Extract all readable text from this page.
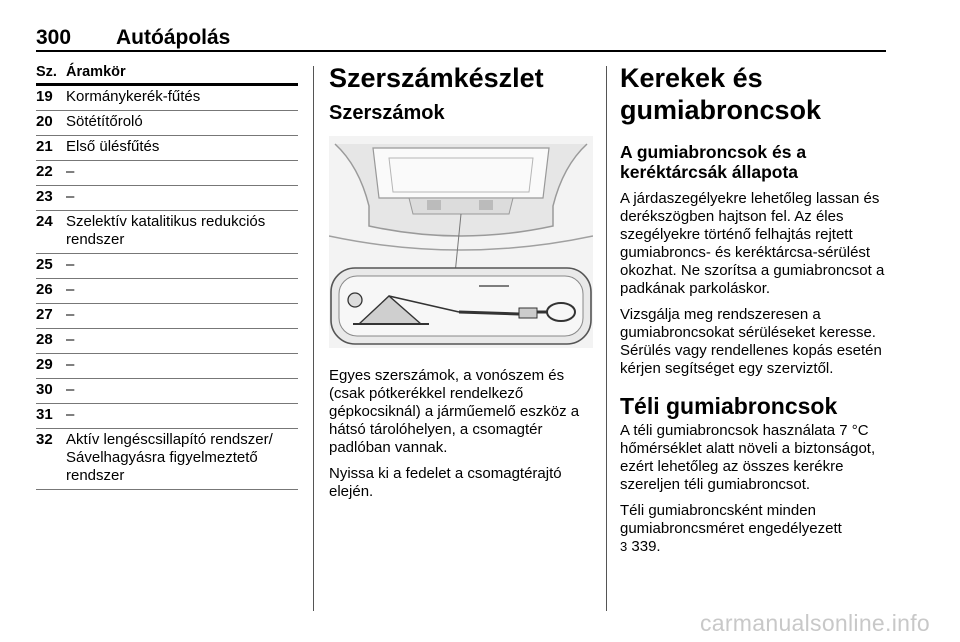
300 Autóápolás
Sz. Áramkör
19 Kormánykerék-fűtés
20 Sötétítőroló
21 Első ülésfűtés
22 –
23 –
24 Szelektív katalitikus redukciós rendszer
25 –
26 –
27 –
28 –
29 –
30 –
31 –
32 Aktív lengéscsillapító rendszer/ Sávelhagyásra figyelmeztető rendszer
Szerszámkészlet
Szerszámok

Egyes szerszámok, a vonószem és (csak pótkerékkel rendelkező gépkocsiknál) a járműemelő eszköz a hátsó tárolóhelyen, a csomagtér padlóban vannak.

Nyissa ki a fedelet a csomagtérajtó elején.

Kerekek és
gumiabroncsok
A gumiabroncsok és a keréktárcsák állapota

A járdaszegélyekre lehetőleg lassan és derékszögben hajtson fel. Az éles szegélyekre történő felhajtás rejtett gumiabroncs- és keréktárcsa-sérülést okozhat. Ne szorítsa a gumiabroncsot a padkának parkoláskor.

Vizsgálja meg rendszeresen a gumiabroncsokat sérüléseket keresse. Sérülés vagy rendellenes kopás esetén kérjen segítséget egy szerviztől.

Téli gumiabroncsok

A téli gumiabroncsok használata 7 °C hőmérséklet alatt növeli a biztonságot, ezért lehetőleg az összes kerékre szereljen téli gumiabroncsot.

Téli gumiabroncsként minden gumiabroncsméret engedélyezett
3 339.

carmanualsonline.info
